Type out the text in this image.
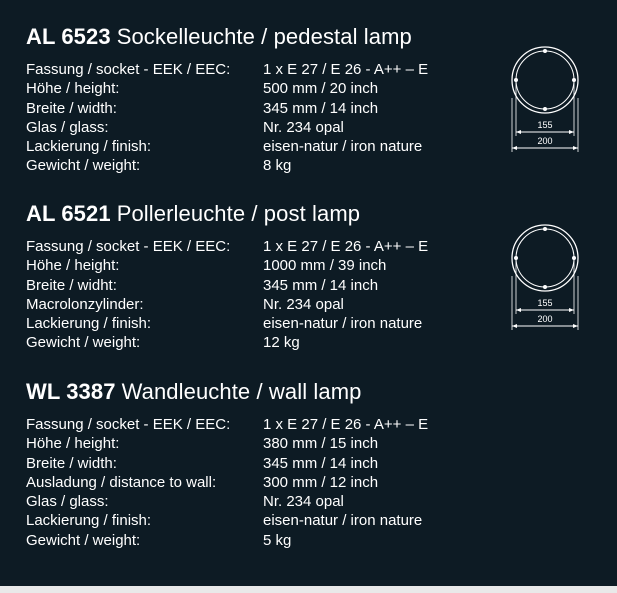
AL 6523 Sockelleuchte / pedestal lamp
Fassung / socket - EEK / EEC:	1 x E 27 / E 26 - A++ – E
Höhe / height:	500 mm / 20 inch
Breite / width:	345 mm / 14 inch
Glas / glass:	Nr. 234 opal
Lackierung / finish:	eisen-natur / iron nature
Gewicht / weight:	8 kg
AL 6521 Pollerleuchte / post lamp
Fassung / socket - EEK / EEC:	1 x E 27 / E 26 - A++ – E
Höhe / height:	1000 mm / 39 inch
Breite / widht:	345 mm / 14 inch
Macrolonzylinder:	Nr. 234 opal
Lackierung / finish:	eisen-natur / iron nature
Gewicht / weight:	12 kg
WL 3387 Wandleuchte / wall lamp
Fassung / socket - EEK / EEC:	1 x E 27 / E 26 - A++ – E
Höhe / height:	380 mm / 15 inch
Breite / width:	345 mm / 14 inch
Ausladung / distance to wall:	300 mm / 12 inch
Glas / glass:	Nr. 234 opal
Lackierung / finish:	eisen-natur / iron nature
Gewicht / weight:	5 kg
155
200
155
200
